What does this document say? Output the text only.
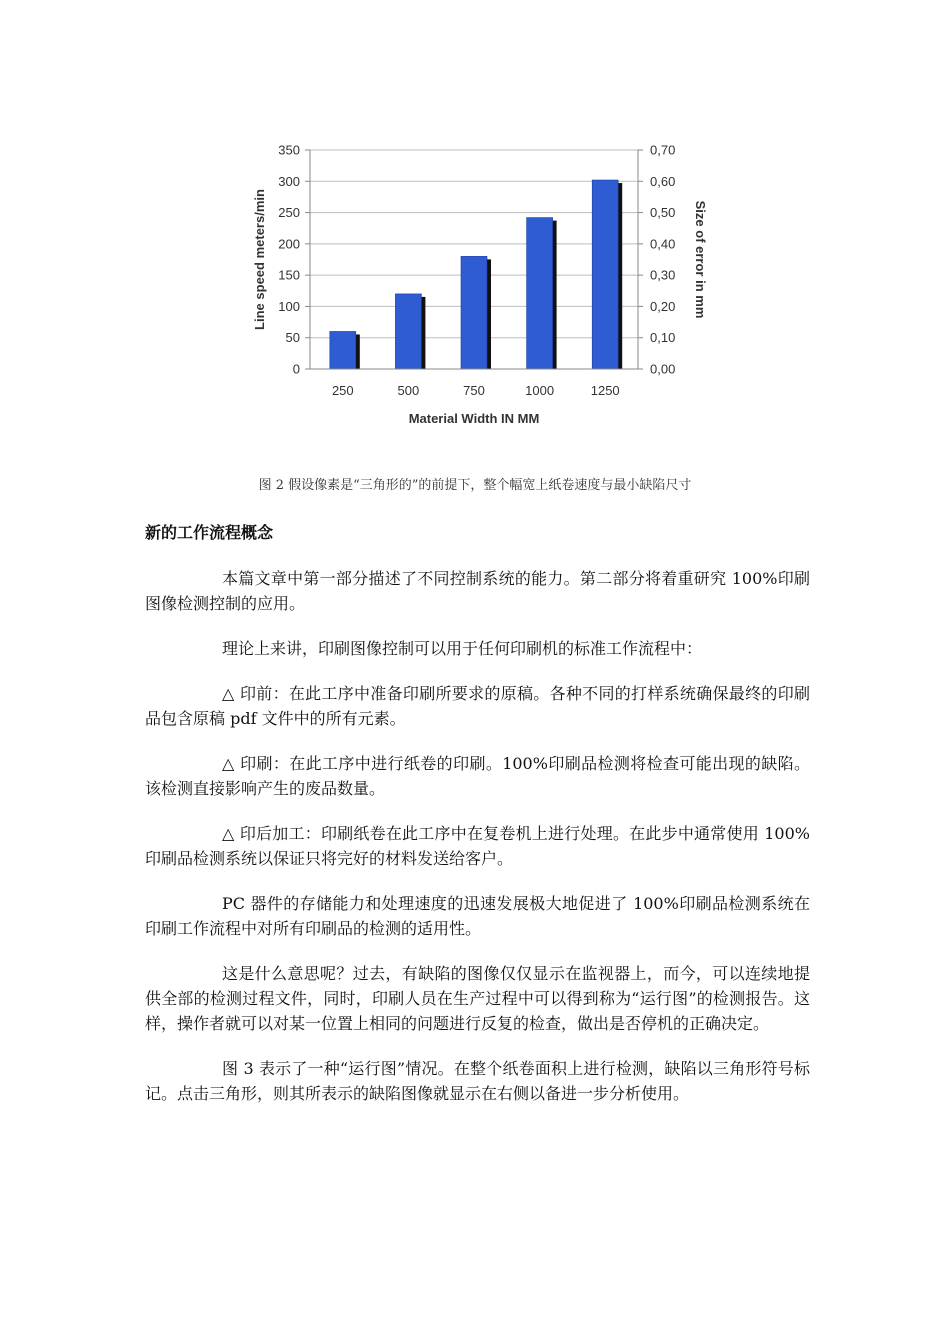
0
50
100
150
200
250
300
350
0,00
0,10
0,20
0,30
0,40
0,50
0,60
0,70
250	500	750	1000	1250
Material Width IN MM
Line speed meters/min	Size of error in mm
图 2 假设像素是“三角形的”的前提下，整个幅宽上纸卷速度与最小缺陷尺寸
新的工作流程概念

本篇文章中第一部分描述了不同控制系统的能力。第二部分将着重研究 100%印刷图像检测控制的应用。

理论上来讲，印刷图像控制可以用于任何印刷机的标准工作流程中：

△ 印前：在此工序中准备印刷所要求的原稿。各种不同的打样系统确保最终的印刷品包含原稿 pdf 文件中的所有元素。

△ 印刷：在此工序中进行纸卷的印刷。100%印刷品检测将检查可能出现的缺陷。该检测直接影响产生的废品数量。

△ 印后加工：印刷纸卷在此工序中在复卷机上进行处理。在此步中通常使用 100%印刷品检测系统以保证只将完好的材料发送给客户。

PC 器件的存储能力和处理速度的迅速发展极大地促进了 100%印刷品检测系统在印刷工作流程中对所有印刷品的检测的适用性。

这是什么意思呢？过去，有缺陷的图像仅仅显示在监视器上，而今，可以连续地提供全部的检测过程文件，同时，印刷人员在生产过程中可以得到称为“运行图”的检测报告。这样，操作者就可以对某一位置上相同的问题进行反复的检查，做出是否停机的正确决定。

图 3 表示了一种“运行图”情况。在整个纸卷面积上进行检测，缺陷以三角形符号标记。点击三角形，则其所表示的缺陷图像就显示在右侧以备进一步分析使用。
